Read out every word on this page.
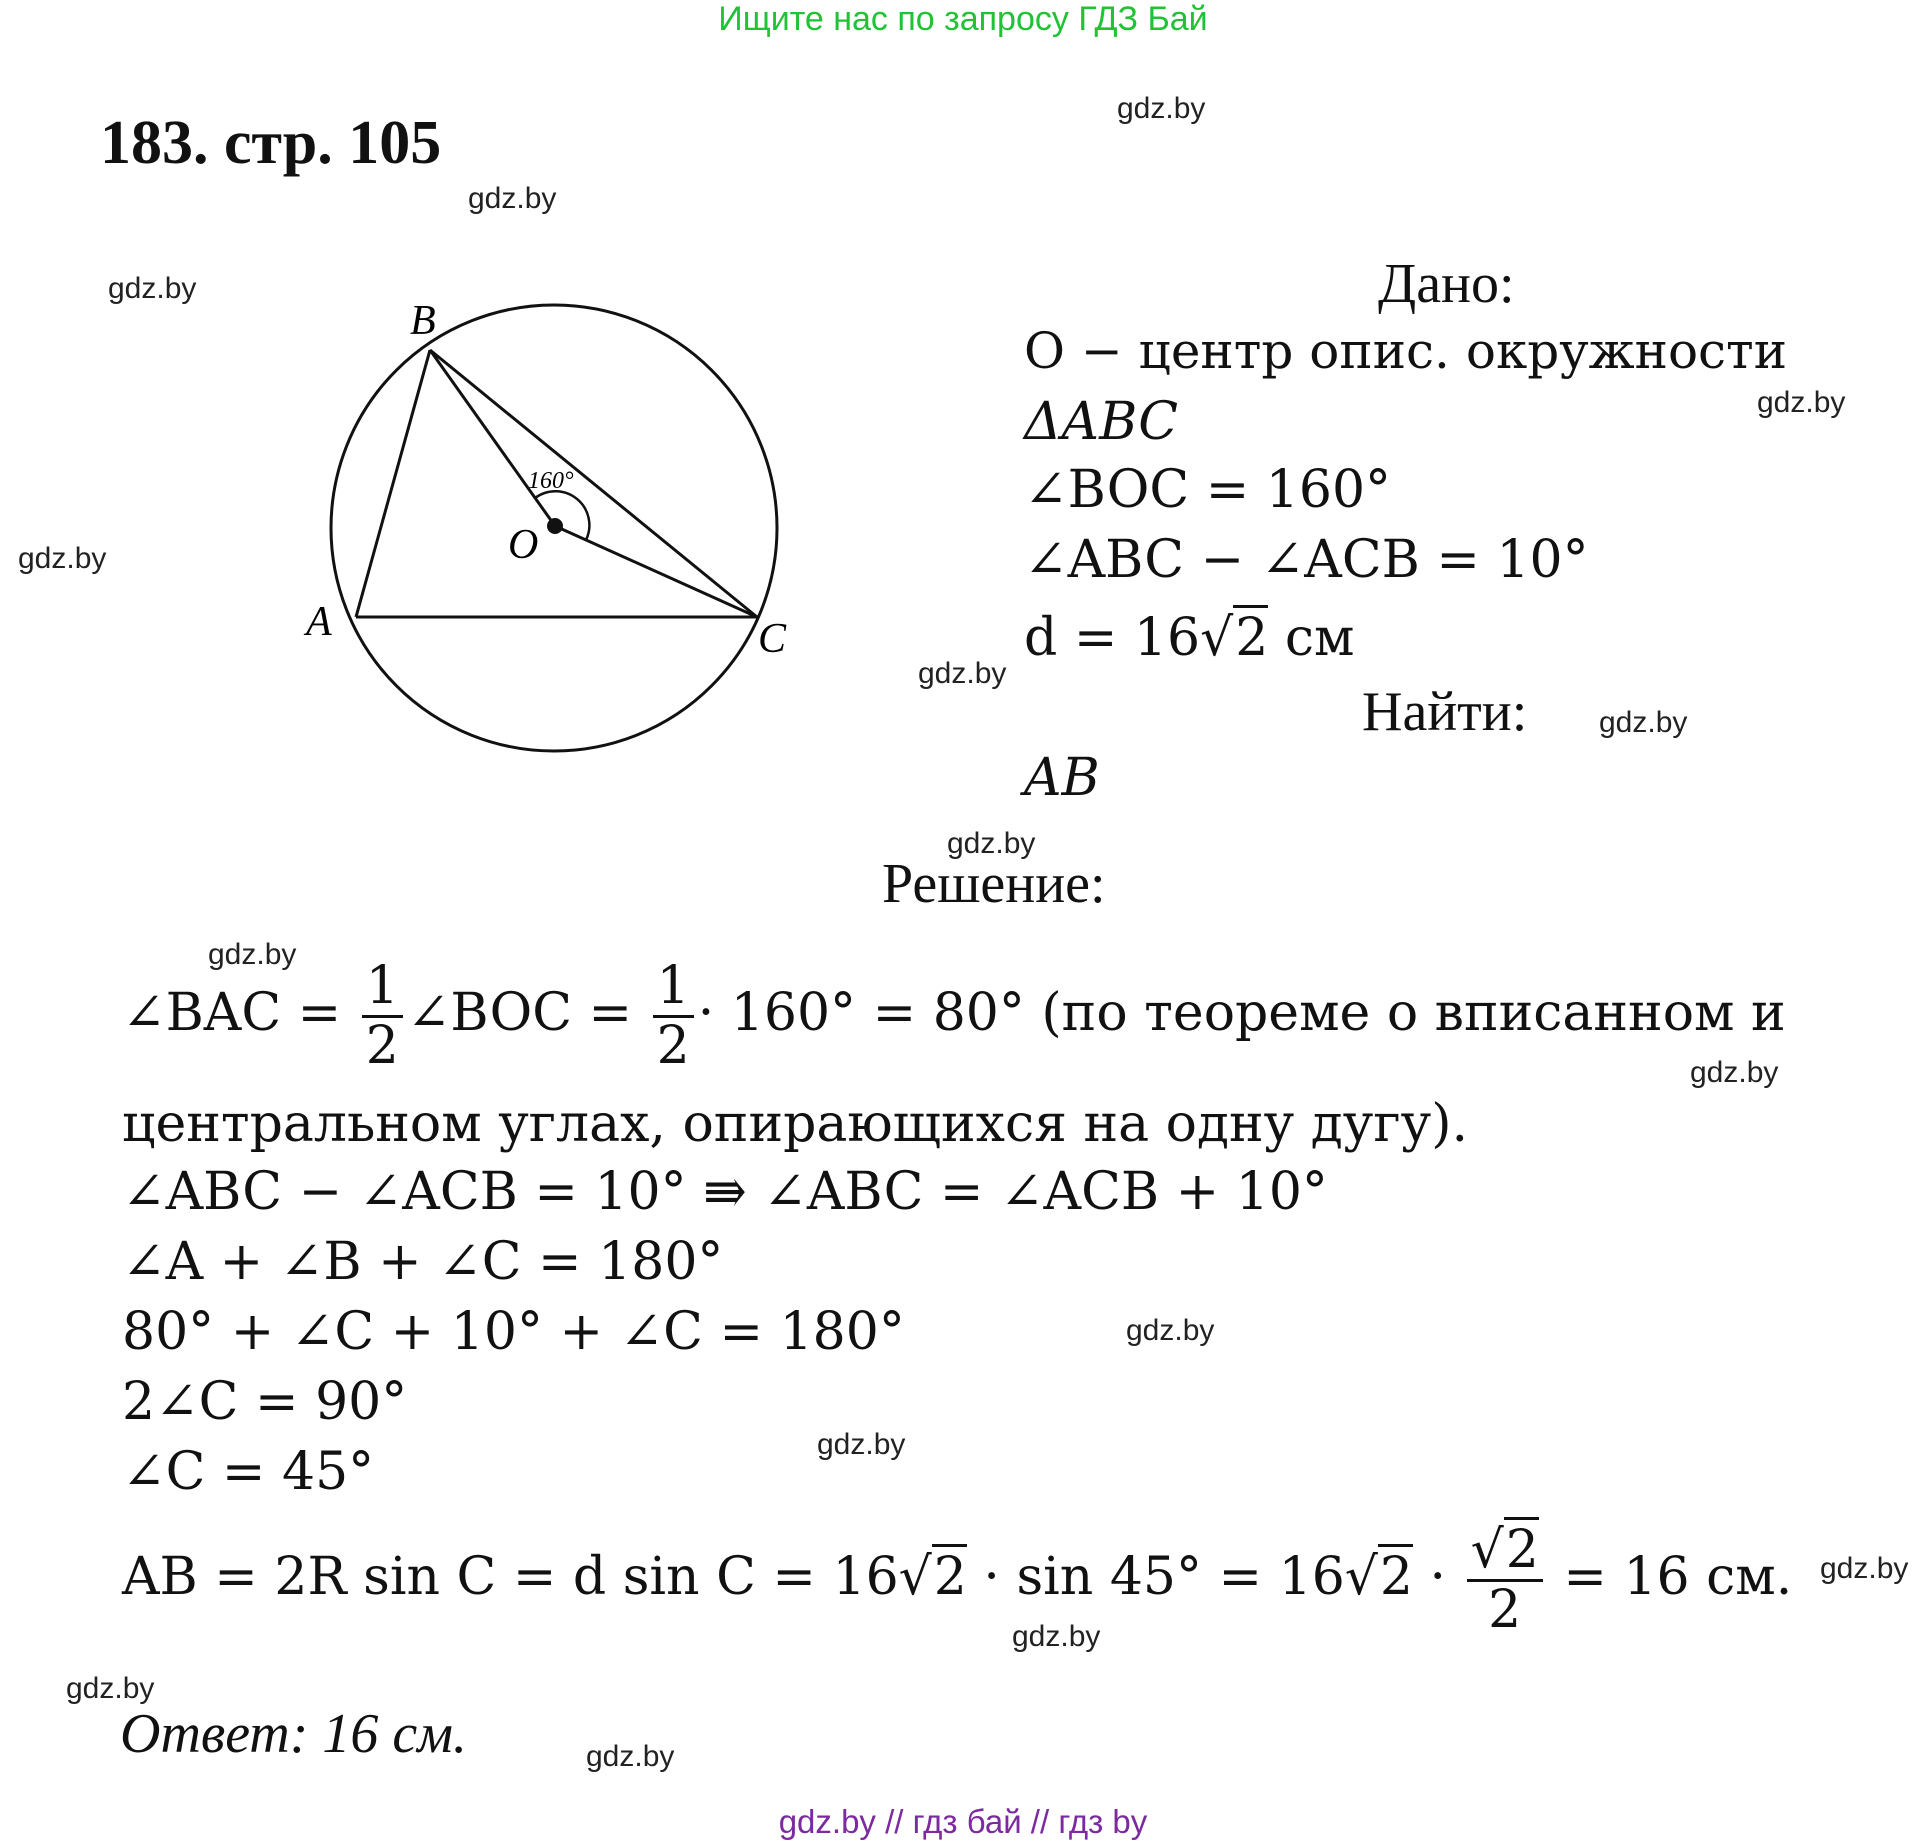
Ищите нас по запросу ГДЗ Бай
183. стр. 105
gdz.by
gdz.by
gdz.by
gdz.by
gdz.by
gdz.by
gdz.by
gdz.by
gdz.by
gdz.by
gdz.by
gdz.by
gdz.by
gdz.by
gdz.by
gdz.by
B
A	C
O
160°
Дано:
O − центр опис. окружности
ΔABC
∠BOC = 160°
∠ABC − ∠ACB = 10°
d = 16√2 см
Найти:
AB
Решение:
∠BAC = $\frac{1}{2}$ ∠BOC = $\frac{1}{2} \cdot 160^\circ = 80^\circ$ (по теореме о вписанном и
центральном углах, опирающихся на одну дугу).
∠ABC − ∠ACB = 10° ⇛ ∠ABC = ∠ACB + 10°
∠A + ∠B + ∠C = 180°
80° + ∠C + 10° + ∠C = 180°
2∠C = 90°
∠C = 45°
AB = 2R sin C = d $\sin C = 16√2 \cdot \sin 45^\circ = 16√2 \cdot \frac{√2}{2} = 16$ см.
Ответ: 16 см.
gdz.by // гдз бай // гдз by
